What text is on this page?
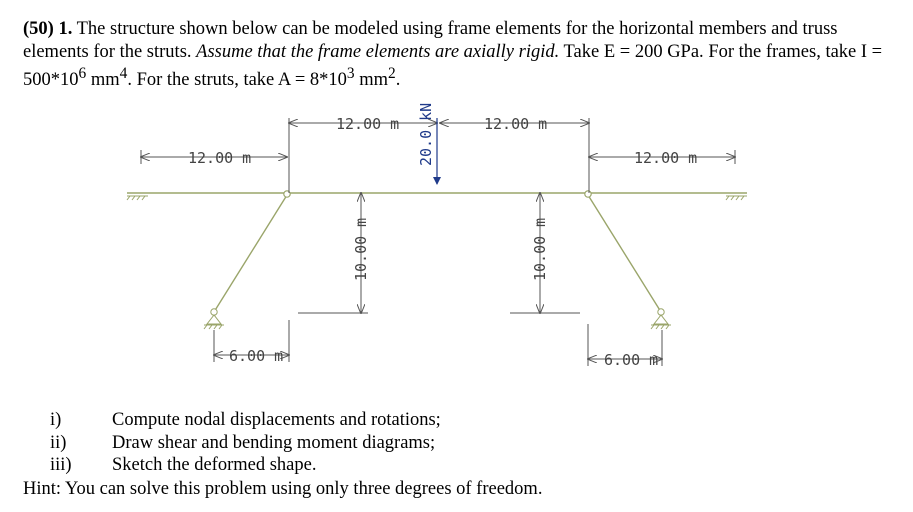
(50) 1. The structure shown below can be modeled using frame elements for the horizontal members and truss elements for the struts. Assume that the frame elements are axially rigid. Take E = 200 GPa. For the frames, take $I = 500*10^6$ $mm^4$. For the struts, take $A = 8*10^3$ $mm^2$.

12.00 m
12.00 m	12.00 m
12.00 m
20.0 kN
10.00 m	10.00 m
6.00 m	6.00 m
i)	Compute nodal displacements and rotations;
ii)	Draw shear and bending moment diagrams;
iii)	Sketch the deformed shape.
Hint: You can solve this problem using only three degrees of freedom.
